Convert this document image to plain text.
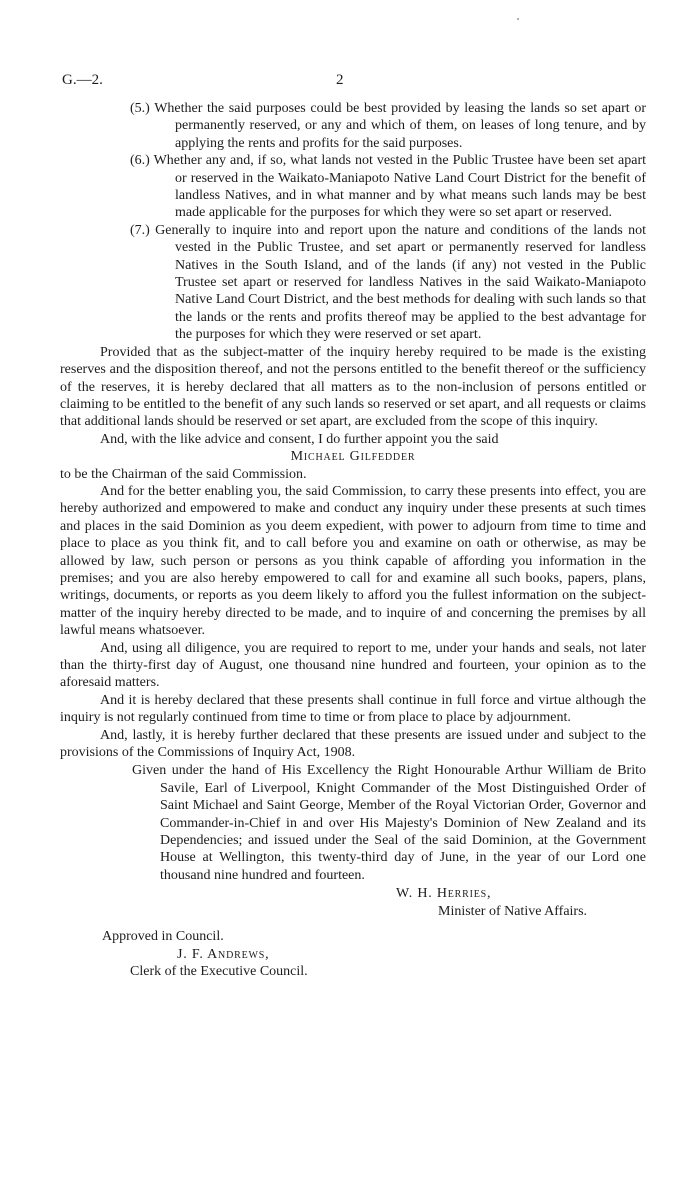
G.—2.	2

(5.) Whether the said purposes could be best provided by leasing the lands so set apart or permanently reserved, or any and which of them, on leases of long tenure, and by applying the rents and profits for the said purposes.

(6.) Whether any and, if so, what lands not vested in the Public Trustee have been set apart or reserved in the Waikato-Maniapoto Native Land Court District for the benefit of landless Natives, and in what manner and by what means such lands may be best made applicable for the purposes for which they were so set apart or reserved.

(7.) Generally to inquire into and report upon the nature and conditions of the lands not vested in the Public Trustee, and set apart or permanently reserved for landless Natives in the South Island, and of the lands (if any) not vested in the Public Trustee set apart or reserved for landless Natives in the said Waikato-Maniapoto Native Land Court District, and the best methods for dealing with such lands so that the lands or the rents and profits thereof may be applied to the best advantage for the purposes for which they were reserved or set apart.

Provided that as the subject-matter of the inquiry hereby required to be made is the existing reserves and the disposition thereof, and not the persons entitled to the benefit thereof or the sufficiency of the reserves, it is hereby declared that all matters as to the non-inclusion of persons entitled or claiming to be entitled to the benefit of any such lands so reserved or set apart, and all requests or claims that additional lands should be reserved or set apart, are excluded from the scope of this inquiry.

And, with the like advice and consent, I do further appoint you the said

Michael Gilfedder

to be the Chairman of the said Commission.

And for the better enabling you, the said Commission, to carry these presents into effect, you are hereby authorized and empowered to make and conduct any inquiry under these presents at such times and places in the said Dominion as you deem expedient, with power to adjourn from time to time and place to place as you think fit, and to call before you and examine on oath or otherwise, as may be allowed by law, such person or persons as you think capable of affording you information in the premises; and you are also hereby empowered to call for and examine all such books, papers, plans, writings, documents, or reports as you deem likely to afford you the fullest information on the subject-matter of the inquiry hereby directed to be made, and to inquire of and concerning the premises by all lawful means whatsoever.

And, using all diligence, you are required to report to me, under your hands and seals, not later than the thirty-first day of August, one thousand nine hundred and fourteen, your opinion as to the aforesaid matters.

And it is hereby declared that these presents shall continue in full force and virtue although the inquiry is not regularly continued from time to time or from place to place by adjournment.

And, lastly, it is hereby further declared that these presents are issued under and subject to the provisions of the Commissions of Inquiry Act, 1908.

Given under the hand of His Excellency the Right Honourable Arthur William de Brito Savile, Earl of Liverpool, Knight Commander of the Most Distinguished Order of Saint Michael and Saint George, Member of the Royal Victorian Order, Governor and Commander-in-Chief in and over His Majesty's Dominion of New Zealand and its Dependencies; and issued under the Seal of the said Dominion, at the Government House at Wellington, this twenty-third day of June, in the year of our Lord one thousand nine hundred and fourteen.

W. H. Herries,

Minister of Native Affairs.

Approved in Council.

J. F. Andrews,

Clerk of the Executive Council.
